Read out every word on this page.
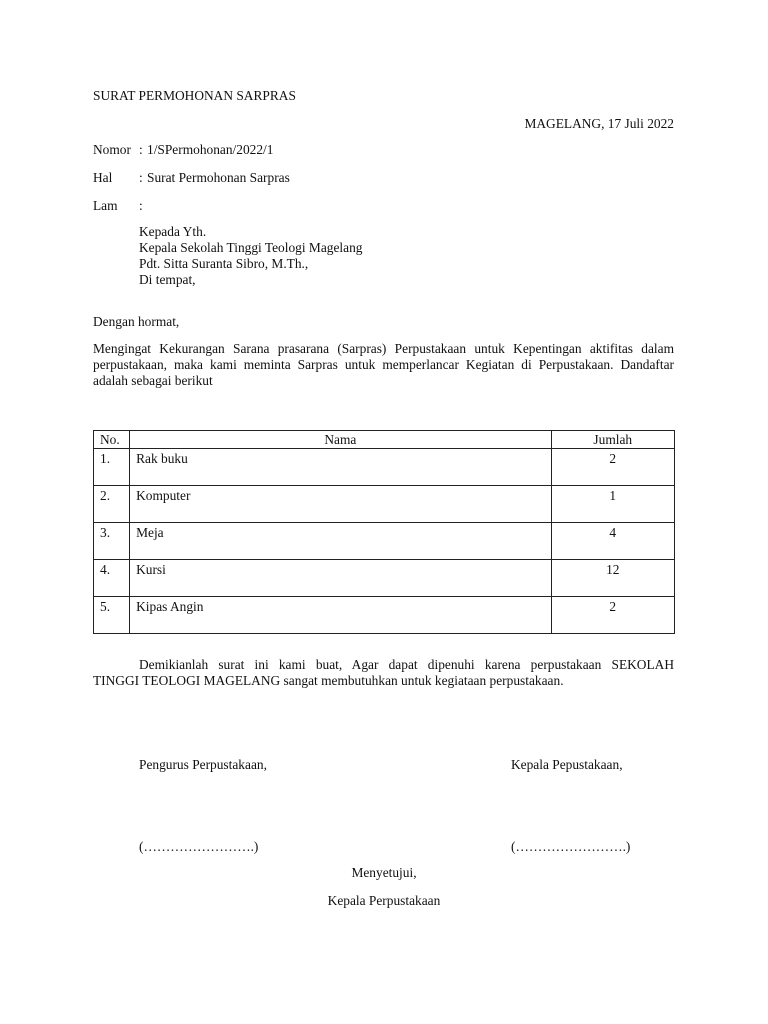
SURAT PERMOHONAN SARPRAS
MAGELANG, 17 Juli 2022
Nomor : 1/SPermohonan/2022/1
Hal : Surat Permohonan Sarpras
Lam :
Kepada Yth.
Kepala Sekolah Tinggi Teologi Magelang
Pdt. Sitta Suranta Sibro, M.Th.,
Di tempat,
Dengan hormat,
Mengingat Kekurangan Sarana prasarana (Sarpras) Perpustakaan untuk Kepentingan aktifitas dalam
perpustakaan, maka kami meminta Sarpras untuk memperlancar Kegiatan di Perpustakaan. Dandaftar
adalah sebagai berikut
No.	Nama	Jumlah
1.	Rak buku	2
2.	Komputer	1
3.	Meja	4
4.	Kursi	12
5.	Kipas Angin	2
Demikianlah surat ini kami buat, Agar dapat dipenuhi karena perpustakaan SEKOLAH
TINGGI TEOLOGI MAGELANG sangat membutuhkan untuk kegiataan perpustakaan.
Pengurus Perpustakaan,	Kepala Pepustakaan,
(…………………….)	(…………………….)
Menyetujui,
Kepala Perpustakaan
